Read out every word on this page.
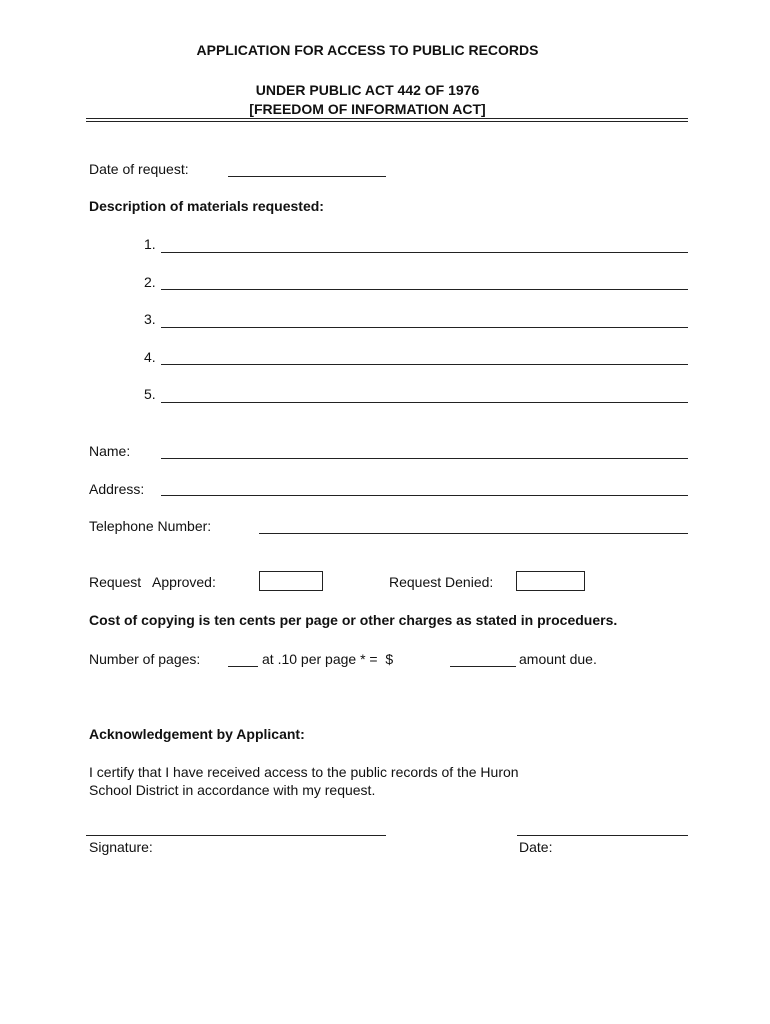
APPLICATION FOR ACCESS TO PUBLIC RECORDS
UNDER PUBLIC ACT 442 OF 1976
[FREEDOM OF INFORMATION ACT]
Date of request:
Description of materials requested:
1.
2.
3.
4.
5.
Name:
Address:
Telephone Number:
Request   Approved:	Request Denied:
Cost of copying is ten cents per page or other charges as stated in proceduers.
Number of pages:	at .10 per page * =  $	amount due.
Acknowledgement by Applicant:
I certify that I have received access to the public records of the Huron
School District in accordance with my request.
Signature:	Date:
